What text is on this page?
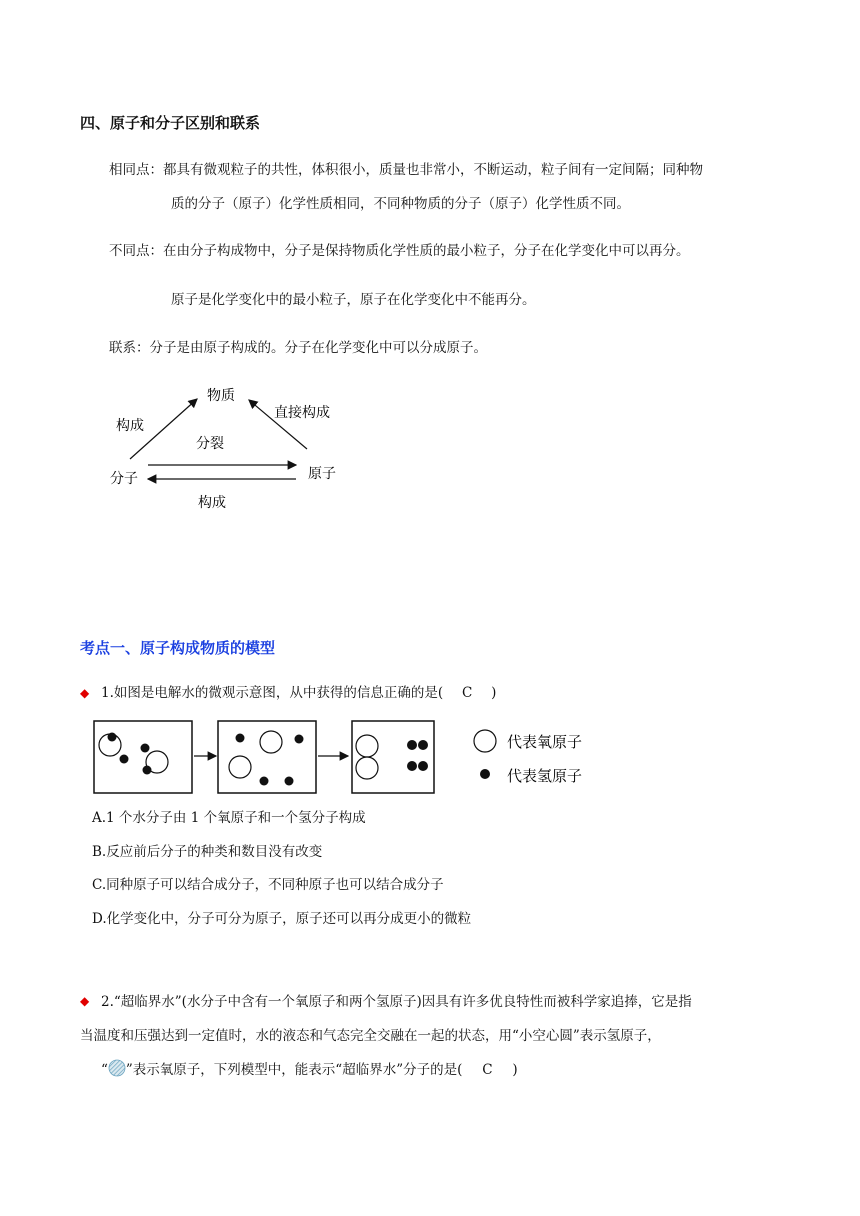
四、原子和分子区别和联系
相同点：都具有微观粒子的共性，体积很小，质量也非常小，不断运动，粒子间有一定间隔；同种物
质的分子（原子）化学性质相同，不同种物质的分子（原子）化学性质不同。
不同点：在由分子构成物中，分子是保持物质化学性质的最小粒子，分子在化学变化中可以再分。
原子是化学变化中的最小粒子，原子在化学变化中不能再分。
联系：分子是由原子构成的。分子在化学变化中可以分成原子。
物质
构成
直接构成
分裂
分子	原子
构成
考点一、原子构成物质的模型
◆ 1.如图是电解水的微观示意图，从中获得的信息正确的是( C )
代表氧原子
代表氢原子
A.1 个水分子由 1 个氧原子和一个氢分子构成
B.反应前后分子的种类和数目没有改变
C.同种原子可以结合成分子，不同种原子也可以结合成分子
D.化学变化中，分子可分为原子，原子还可以再分成更小的微粒
◆ 2.“超临界水”(水分子中含有一个氧原子和两个氢原子)因具有许多优良特性而被科学家追捧，它是指
当温度和压强达到一定值时，水的液态和气态完全交融在一起的状态，用“小空心圆”表示氢原子，
“ ”表示氧原子，下列模型中，能表示“超临界水”分子的是( C )
